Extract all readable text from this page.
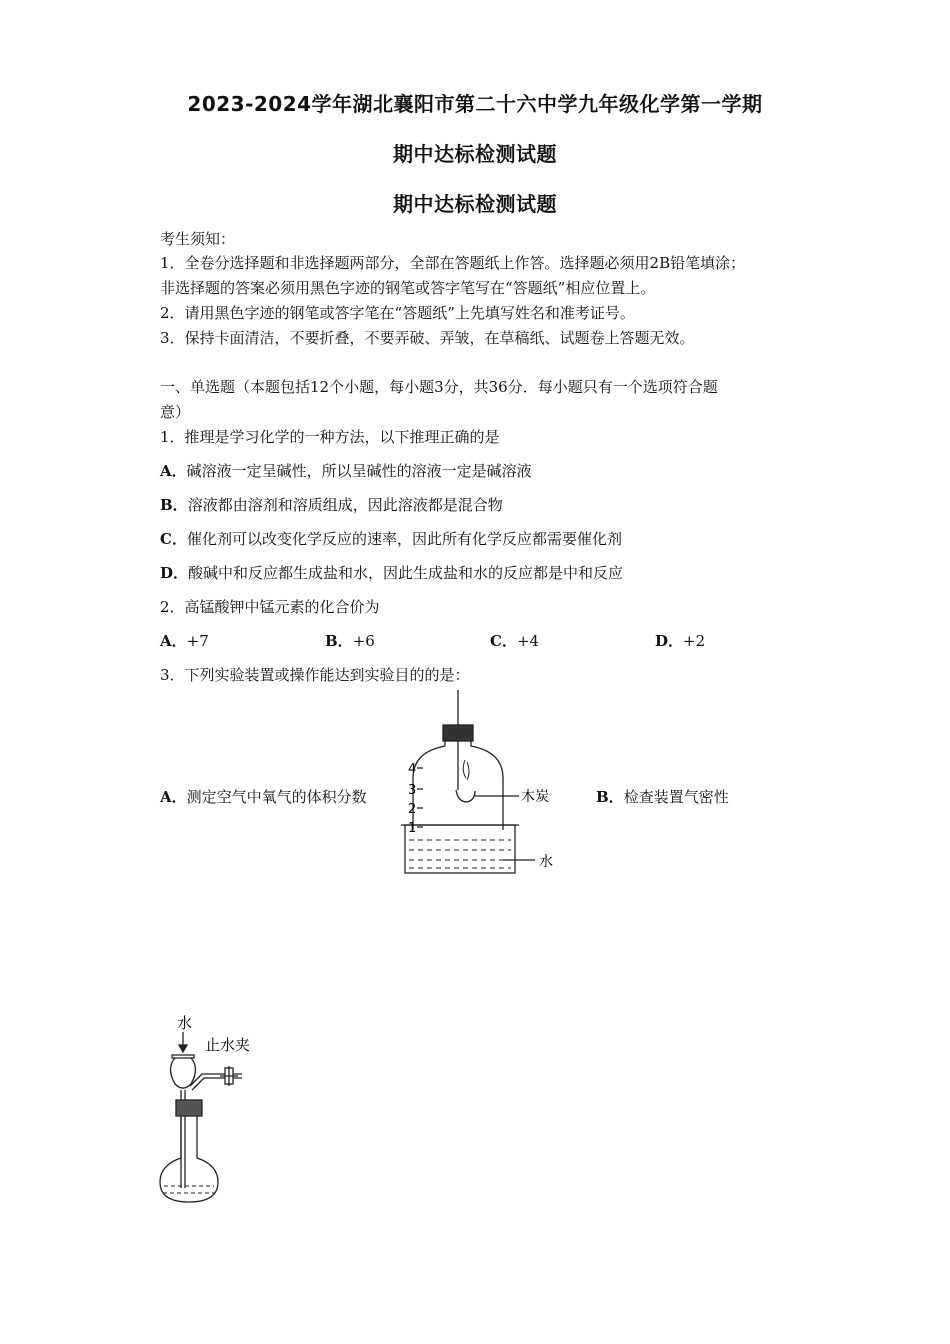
2023-2024学年湖北襄阳市第二十六中学九年级化学第一学期
期中达标检测试题
期中达标检测试题
考生须知：
1．全卷分选择题和非选择题两部分，全部在答题纸上作答。选择题必须用2B铅笔填涂；
非选择题的答案必须用黑色字迹的钢笔或答字笔写在“答题纸”相应位置上。
2．请用黑色字迹的钢笔或答字笔在“答题纸”上先填写姓名和准考证号。
3．保持卡面清洁，不要折叠，不要弄破、弄皱，在草稿纸、试题卷上答题无效。
一、单选题（本题包括12个小题，每小题3分，共36分．每小题只有一个选项符合题
意）
1．推理是学习化学的一种方法，以下推理正确的是
A．碱溶液一定呈碱性，所以呈碱性的溶液一定是碱溶液
B．溶液都由溶剂和溶质组成，因此溶液都是混合物
C．催化剂可以改变化学反应的速率，因此所有化学反应都需要催化剂
D．酸碱中和反应都生成盐和水，因此生成盐和水的反应都是中和反应
2．高锰酸钾中锰元素的化合价为
A．+7	B．+6	C．+4	D．+2
3．下列实验装置或操作能达到实验目的的是：
A．测定空气中氧气的体积分数	B．检查装置气密性
4
3
2
1
木炭
水
水
止水夹
